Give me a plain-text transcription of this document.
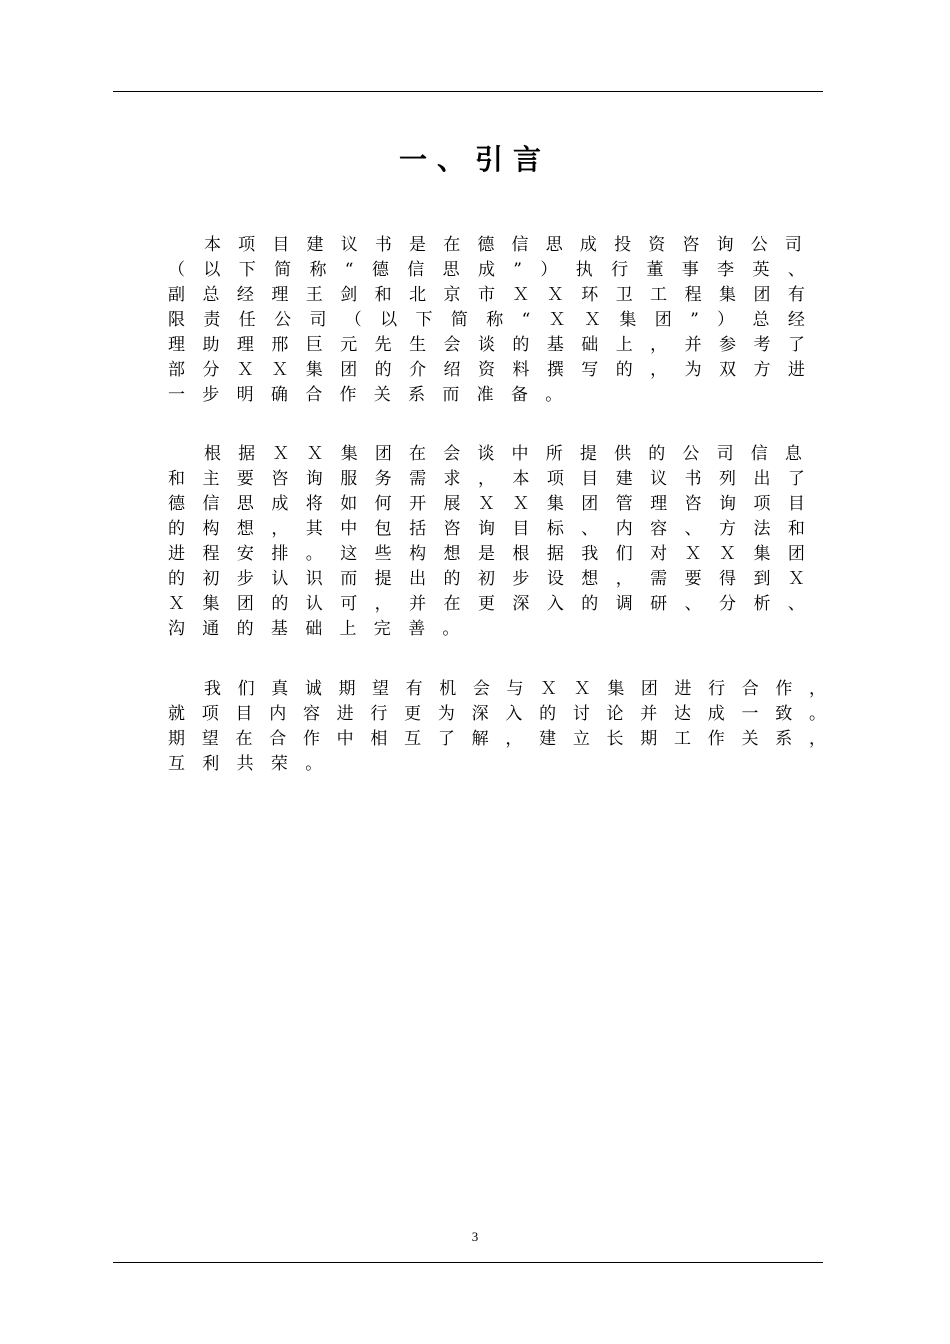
一、引言
本 项 目 建 议 书 是 在 德 信 思 成 投 资 咨 询 公 司
（ 以 下 简 称 “ 德 信 思 成 ” ） 执 行 董 事 李 英 、
副 总 经 理 王 剑 和 北 京 市 Ｘ Ｘ 环 卫 工 程 集 团 有
限 责 任 公 司 （ 以 下 简 称 “ Ｘ Ｘ 集 团 ” ） 总 经
理 助 理 邢 巨 元 先 生 会 谈 的 基 础 上 ， 并 参 考 了
部 分 Ｘ Ｘ 集 团 的 介 绍 资 料 撰 写 的 ， 为 双 方 进
一 步 明 确 合 作 关 系 而 准 备 。
根 据 Ｘ Ｘ 集 团 在 会 谈 中 所 提 供 的 公 司 信 息
和 主 要 咨 询 服 务 需 求 ， 本 项 目 建 议 书 列 出 了
德 信 思 成 将 如 何 开 展 Ｘ Ｘ 集 团 管 理 咨 询 项 目
的 构 想 ， 其 中 包 括 咨 询 目 标 、 内 容 、 方 法 和
进 程 安 排 。 这 些 构 想 是 根 据 我 们 对 Ｘ Ｘ 集 团
的 初 步 认 识 而 提 出 的 初 步 设 想 ， 需 要 得 到 Ｘ
Ｘ 集 团 的 认 可 ， 并 在 更 深 入 的 调 研 、 分 析 、
沟 通 的 基 础 上 完 善 。
我 们 真 诚 期 望 有 机 会 与 Ｘ Ｘ 集 团 进 行 合 作 ，
就 项 目 内 容 进 行 更 为 深 入 的 讨 论 并 达 成 一 致 。
期 望 在 合 作 中 相 互 了 解 ， 建 立 长 期 工 作 关 系 ，
互 利 共 荣 。
3
